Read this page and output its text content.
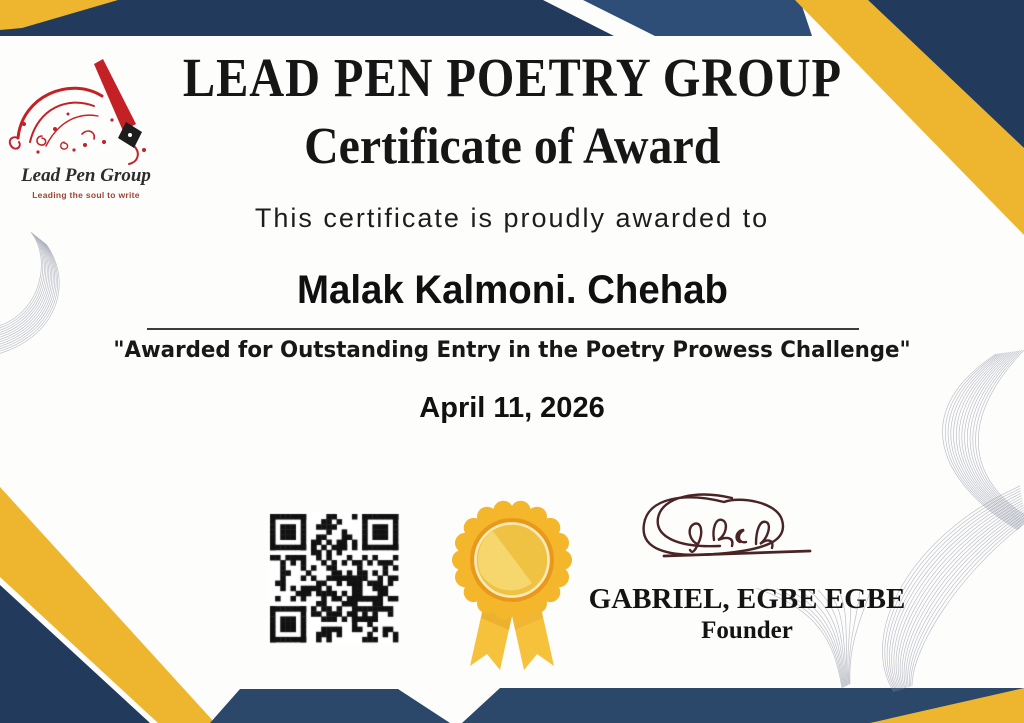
Lead Pen Group
Leading the soul to write
LEAD PEN POETRY GROUP
Certificate of Award
This certificate is proudly awarded to
Malak Kalmoni. Chehab
"Awarded for Outstanding Entry in the Poetry Prowess Challenge"
April 11, 2026
GABRIEL, EGBE EGBE
Founder
